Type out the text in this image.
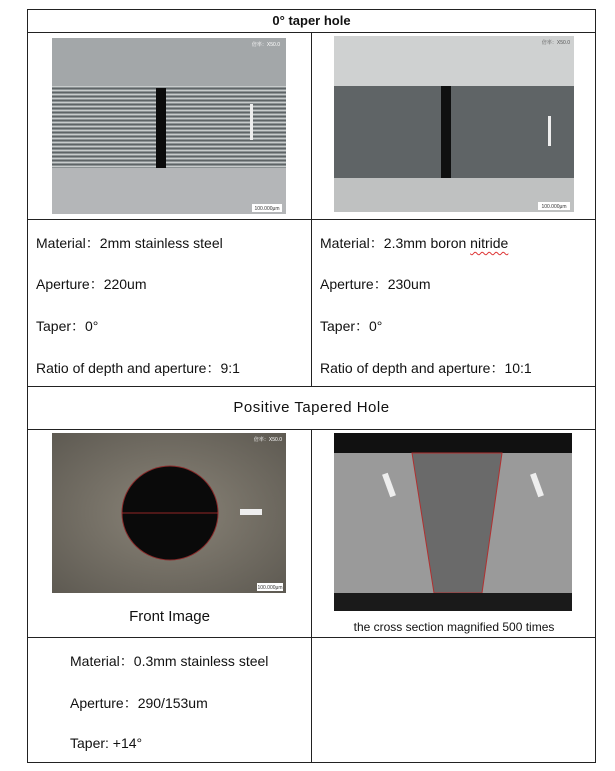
0° taper hole
100.000μm
倍率：X50.0
100.000μm
倍率：X50.0
Material：2mm stainless steel
Aperture：220um
Taper：0°
Ratio of depth and aperture：9:1
Material：2.3mm boron nitride
Aperture：230um
Taper：0°
Ratio of depth and aperture：10:1
Positive Tapered Hole
100.000μm
倍率：X50.0
Front Image
the cross section magnified 500 times
Material：0.3mm stainless steel
Aperture：290/153um
Taper: +14°
